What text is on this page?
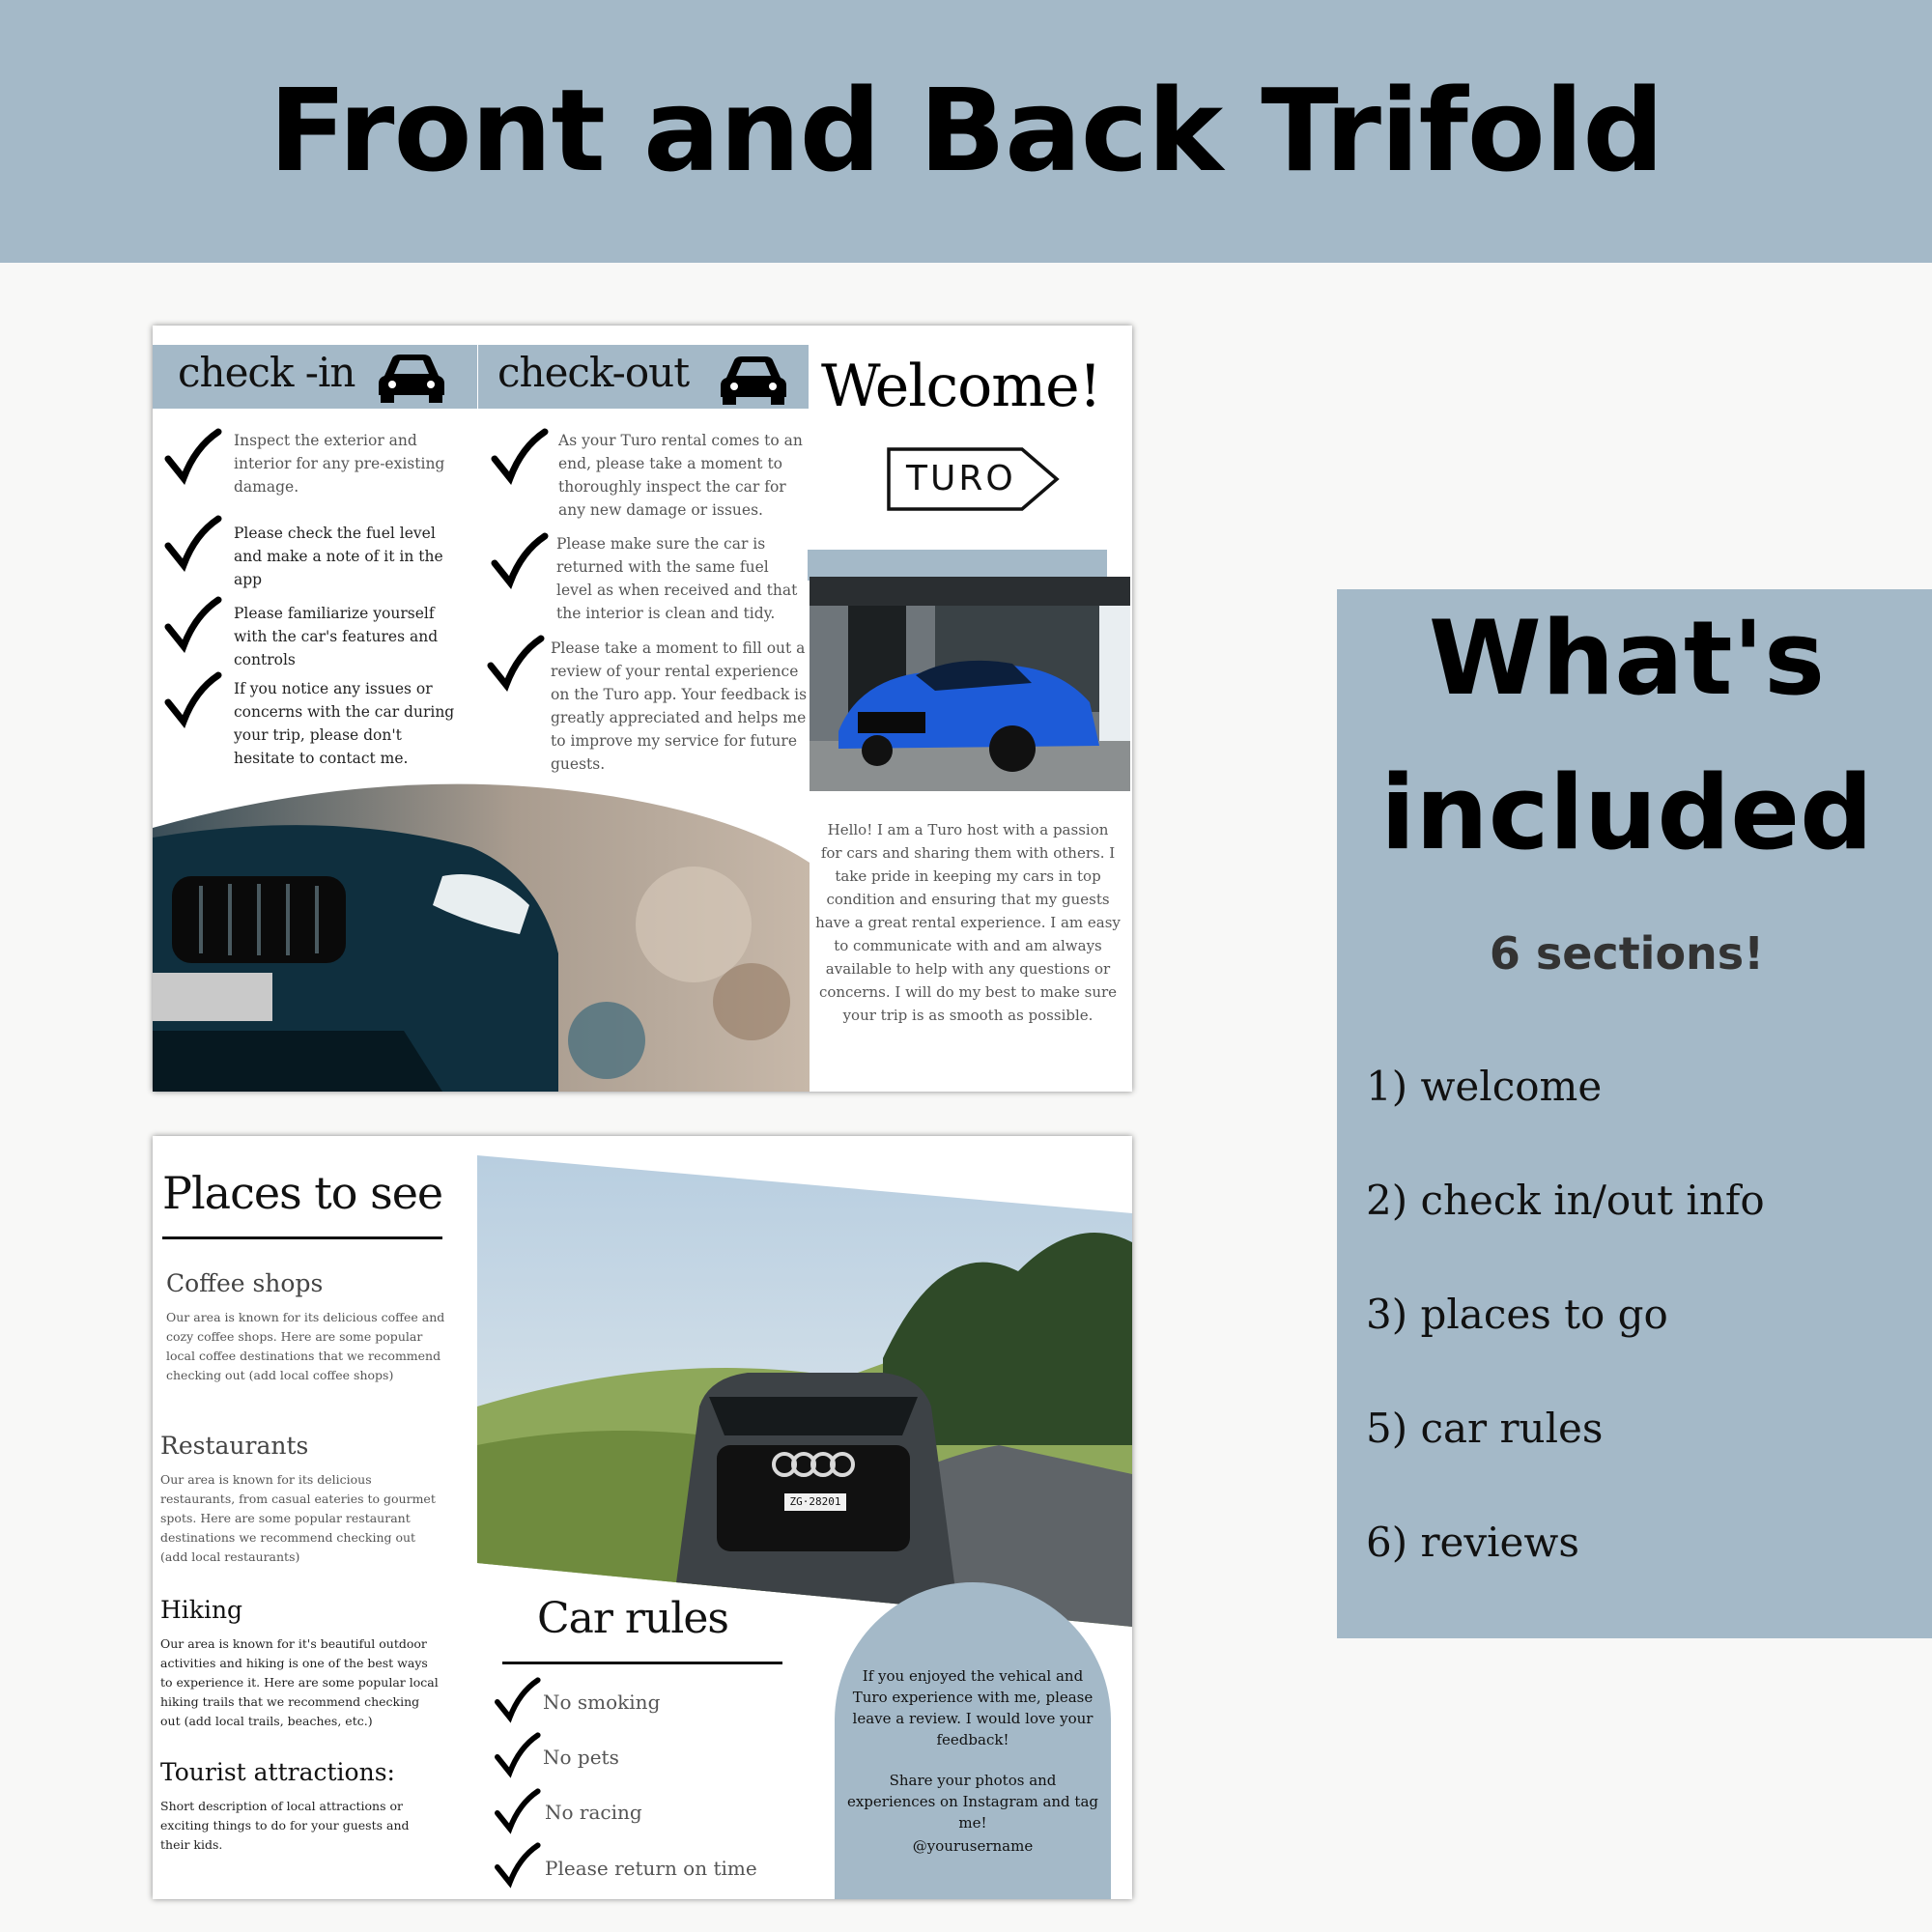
Front and Back Trifold
check -in	check-out
Inspect the exterior and interior for any pre-existing damage.
Please check the fuel level and make a note of it in the app
Please familiarize yourself with the car's features and controls
If you notice any issues or concerns with the car during your trip, please don't hesitate to contact me.
As your Turo rental comes to an end, please take a moment to thoroughly inspect the car for any new damage or issues.
Please make sure the car is returned with the same fuel level as when received and that the interior is clean and tidy.
Please take a moment to fill out a review of your rental experience on the Turo app. Your feedback is greatly appreciated and helps me to improve my service for future guests.
Welcome!
TURO
Hello! I am a Turo host with a passion for cars and sharing them with others. I take pride in keeping my cars in top condition and ensuring that my guests have a great rental experience. I am easy to communicate with and am always available to help with any questions or concerns. I will do my best to make sure your trip is as smooth as possible.
Places to see
Coffee shops
Our area is known for its delicious coffee and cozy coffee shops. Here are some popular local coffee destinations that we recommend checking out (add local coffee shops)
Restaurants
Our area is known for its delicious restaurants, from casual eateries to gourmet spots. Here are some popular restaurant destinations we recommend checking out (add local restaurants)
Hiking
Our area is known for it's beautiful outdoor activities and hiking is one of the best ways to experience it. Here are some popular local hiking trails that we recommend checking out (add local trails, beaches, etc.)
Tourist attractions:
Short description of local attractions or exciting things to do for your guests and their kids.
ZG·28201
Car rules
No smoking
No pets
No racing
Please return on time
If you enjoyed the vehical and Turo experience with me, please leave a review. I would love your feedback!
Share your photos and experiences on Instagram and tag me!
@yourusername
What's
included
6 sections!
1) welcome
2) check in/out info
3) places to go
5) car rules
6) reviews
